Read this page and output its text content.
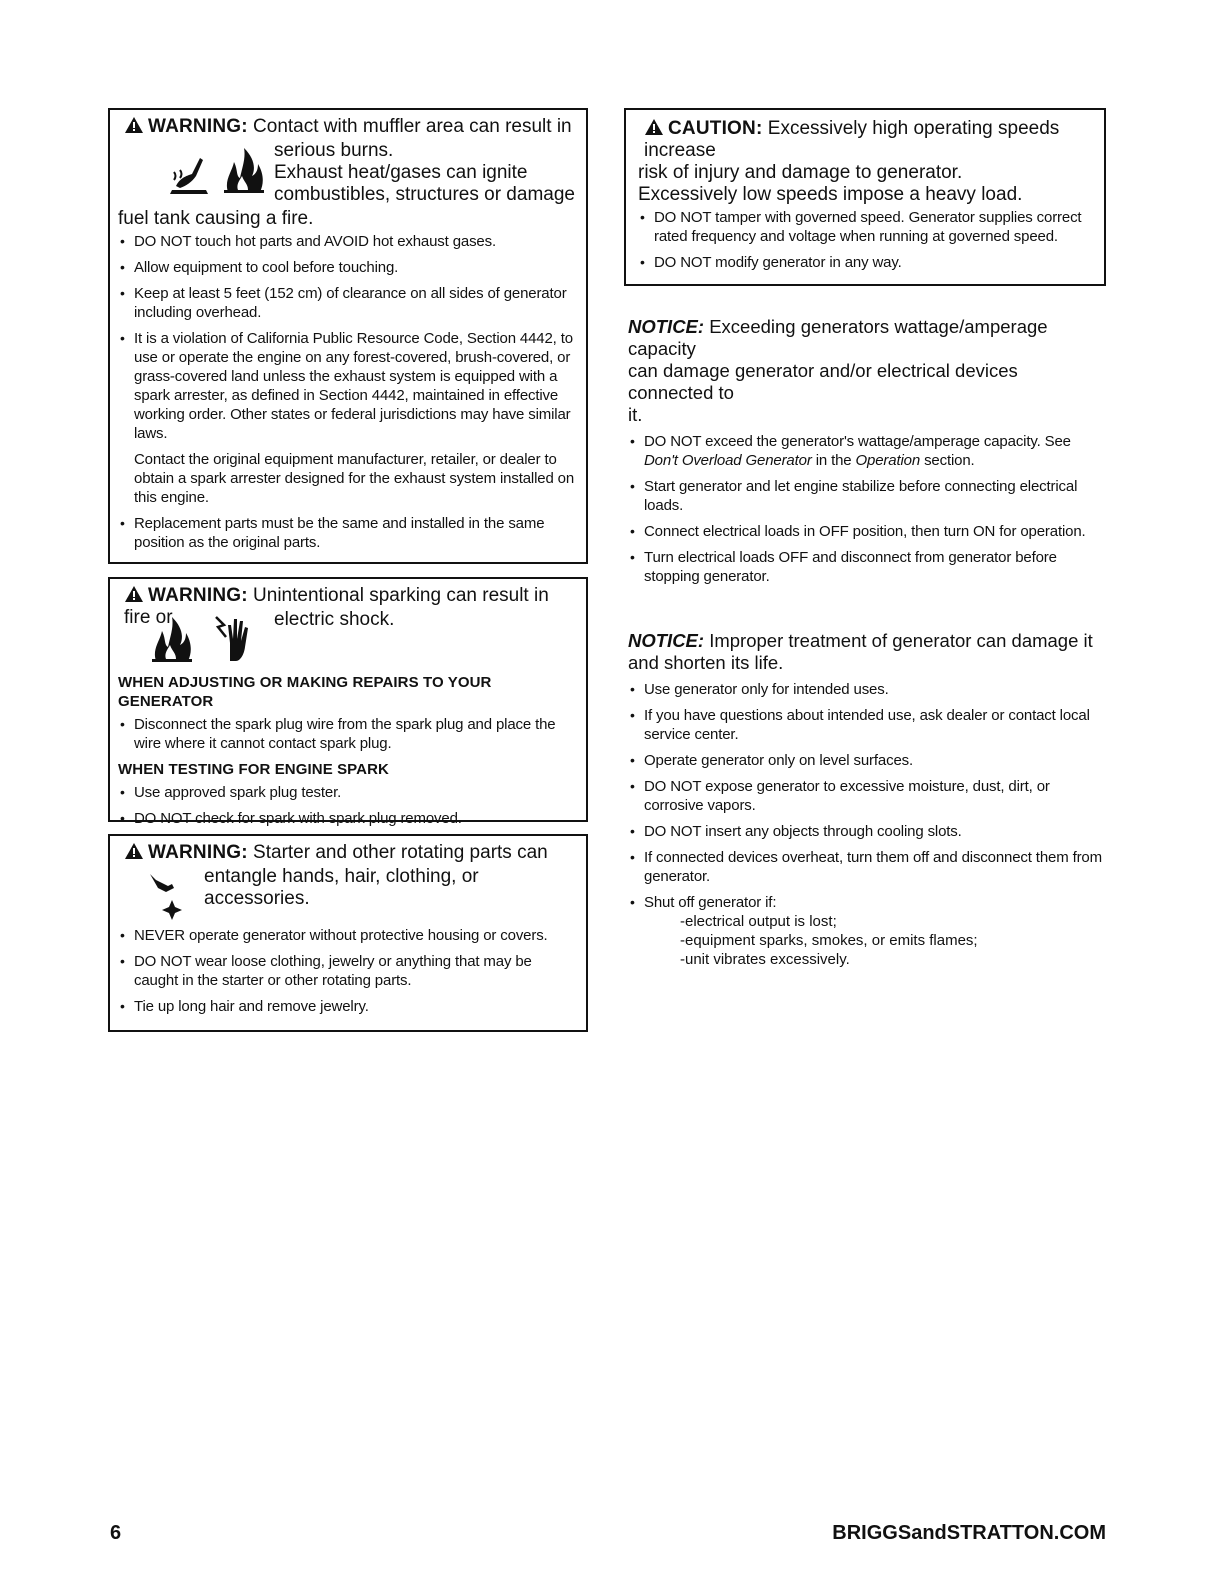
WARNING: Contact with muffler area can result in
serious burns.
Exhaust heat/gases can ignite
combustibles, structures or damage
fuel tank causing a fire.
• DO NOT touch hot parts and AVOID hot exhaust gases.
• Allow equipment to cool before touching.
• Keep at least 5 feet (152 cm) of clearance on all sides of generator including overhead.
• It is a violation of California Public Resource Code, Section 4442, to use or operate the engine on any forest-covered, brush-covered, or grass-covered land unless the exhaust system is equipped with a spark arrester, as defined in Section 4442, maintained in effective working order. Other states or federal jurisdictions may have similar laws.
Contact the original equipment manufacturer, retailer, or dealer to obtain a spark arrester designed for the exhaust system installed on this engine.
• Replacement parts must be the same and installed in the same position as the original parts.
WARNING: Unintentional sparking can result in fire or	electric shock.
WHEN ADJUSTING OR MAKING REPAIRS TO YOUR GENERATOR
• Disconnect the spark plug wire from the spark plug and place the wire where it cannot contact spark plug.
WHEN TESTING FOR ENGINE SPARK
• Use approved spark plug tester.
• DO NOT check for spark with spark plug removed.
WARNING: Starter and other rotating parts can
entangle hands, hair, clothing, or accessories.
• NEVER operate generator without protective housing or covers.
• DO NOT wear loose clothing, jewelry or anything that may be caught in the starter or other rotating parts.
• Tie up long hair and remove jewelry.
CAUTION: Excessively high operating speeds increase
risk of injury and damage to generator.
Excessively low speeds impose a heavy load.
• DO NOT tamper with governed speed. Generator supplies correct rated frequency and voltage when running at governed speed.
• DO NOT modify generator in any way.
NOTICE: Exceeding generators wattage/amperage capacity
can damage generator and/or electrical devices connected to
it.
• DO NOT exceed the generator's wattage/amperage capacity. See
Don't Overload Generator in the Operation section.
• Start generator and let engine stabilize before connecting electrical loads.
• Connect electrical loads in OFF position, then turn ON for operation.
• Turn electrical loads OFF and disconnect from generator before stopping generator.
NOTICE: Improper treatment of generator can damage it
and shorten its life.
• Use generator only for intended uses.
• If you have questions about intended use, ask dealer or contact local service center.
• Operate generator only on level surfaces.
• DO NOT expose generator to excessive moisture, dust, dirt, or corrosive vapors.
• DO NOT insert any objects through cooling slots.
• If connected devices overheat, turn them off and disconnect them from generator.
• Shut off generator if:
-electrical output is lost;
-equipment sparks, smokes, or emits flames;
-unit vibrates excessively.
6	BRIGGSandSTRATTON.COM
